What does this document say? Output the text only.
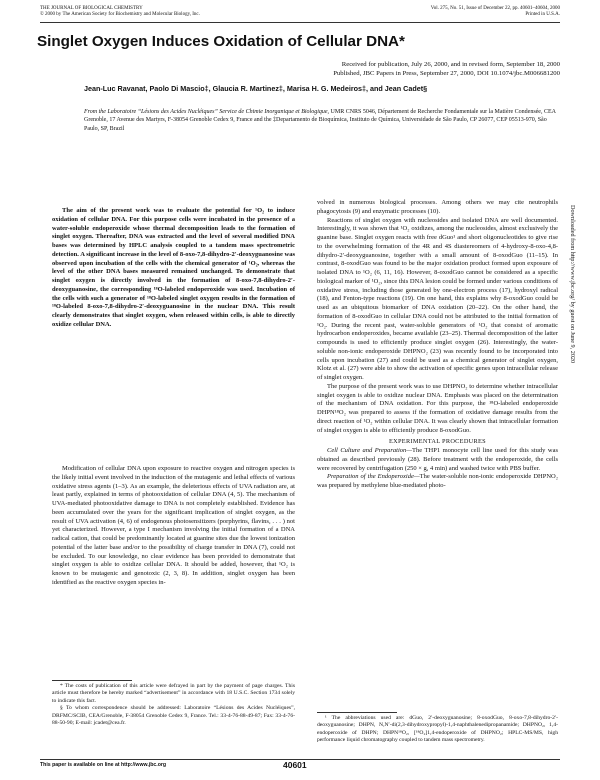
THE JOURNAL OF BIOLOGICAL CHEMISTRY
© 2000 by The American Society for Biochemistry and Molecular Biology, Inc.
Vol. 275, No. 51, Issue of December 22, pp. 40601–40604, 2000
Printed in U.S.A.
Singlet Oxygen Induces Oxidation of Cellular DNA*
Received for publication, July 26, 2000, and in revised form, September 18, 2000
Published, JBC Papers in Press, September 27, 2000, DOI 10.1074/jbc.M006681200
Jean-Luc Ravanat, Paolo Di Mascio‡, Glaucia R. Martinez‡, Marisa H. G. Medeiros‡, and Jean Cadet§
From the Laboratoire “Lésions des Acides Nucléiques” Service de Chimie Inorganique et Biologique, UMR CNRS 5046, Département de Recherche Fondamentale sur la Matière Condensée, CEA Grenoble, 17 Avenue des Martyrs, F-38054 Grenoble Cedex 9, France and the ‡Departamento de Bioquímica, Instituto de Química, Universidade de São Paulo, CP 26077, CEP 05513-970, São Paulo, SP, Brazil
The aim of the present work was to evaluate the potential for ¹O₂ to induce oxidation of cellular DNA. For this purpose cells were incubated in the presence of a water-soluble endoperoxide whose thermal decomposition leads to the formation of singlet oxygen. Thereafter, DNA was extracted and the level of several modified DNA bases was determined by HPLC analysis coupled to a tandem mass spectrometric detection. A significant increase in the level of 8-oxo-7,8-dihydro-2′-deoxyguanosine was observed upon incubation of the cells with the chemical generator of ¹O₂, whereas the level of the other DNA bases measured remained unchanged. To demonstrate that singlet oxygen is directly involved in the formation of 8-oxo-7,8-dihydro-2′-deoxyguanosine, the corresponding ¹⁸O-labeled endoperoxide was used. Incubation of the cells with such a generator of ¹⁸O-labeled singlet oxygen results in the formation of ¹⁸O-labeled 8-oxo-7,8-dihydro-2′-deoxyguanosine in the nuclear DNA. This result clearly demonstrates that singlet oxygen, when released within cells, is able to directly oxidize cellular DNA.

Modification of cellular DNA upon exposure to reactive oxygen and nitrogen species is the likely initial event involved in the induction of the mutagenic and lethal effects of various oxidative stress agents (1–3). As an example, the deleterious effects of UVA radiation are, at least partly, explained in terms of photooxidation of cellular DNA (4, 5). The mechanism of UVA-mediated photooxidative damage to DNA is not completely established. Evidence has been accumulated over the years for the significant implication of singlet oxygen, as the result of UVA activation (4, 6) of endogenous photosensitizers (porphyrins, flavins, . . . ) not yet characterized. However, a type I mechanism involving the initial formation of a DNA radical cation, that could be predominantly located at guanine sites due the lowest ionization potential of the latter base and/or to the possibility of charge transfer in DNA (7), could not be excluded. To our knowledge, no clear evidence has been provided to demonstrate that singlet oxygen is able to oxidize cellular DNA. It should be added, however, that ¹O₂ is known to be mutagenic and genotoxic (2, 3, 8). In addition, singlet oxygen has been identified as the reactive oxygen species in-

* The costs of publication of this article were defrayed in part by the payment of page charges. This article must therefore be hereby marked “advertisement” in accordance with 18 U.S.C. Section 1734 solely to indicate this fact.

§ To whom correspondence should be addressed: Laboratoire “Lésions des Acides Nucléiques”, DRFMC/SCIB, CEA/Grenoble, F-38054 Grenoble Cedex 9, France. Tel.: 33-4-76-88-49-87; Fax: 33-4-76-88-50-90; E-mail: jcadet@cea.fr.

volved in numerous biological processes. Among others we may cite neutrophils phagocytosis (9) and enzymatic processes (10).

Reactions of singlet oxygen with nucleosides and isolated DNA are well documented. Interestingly, it was shown that ¹O₂ oxidizes, among the nucleosides, almost exclusively the guanine base. Singlet oxygen reacts with free dGuo¹ and short oligonucleotides to give rise to the overwhelming formation of the 4R and 4S diastereomers of 4-hydroxy-8-oxo-4,8-dihydro-2′-deoxyguanosine, together with a small amount of 8-oxodGuo (11–15). In contrast, 8-oxodGuo was found to be the major oxidation product formed upon exposure of isolated DNA to ¹O₂ (6, 11, 16). However, 8-oxodGuo cannot be considered as a specific biological marker of ¹O₂, since this DNA lesion could be formed under various conditions of oxidative stress, including those generated by one-electron process (17), hydroxyl radical (18), and Fenton-type reactions (19). On one hand, this explains why 8-oxodGuo could be used as an ubiquitous biomarker of DNA oxidation (20–22). On the other hand, the formation of 8-oxodGuo in cellular DNA could not be attributed to the initial formation of ¹O₂. During the recent past, water-soluble generators of ¹O₂ that consist of aromatic hydrocarbon endoperoxides, became available (23–25). Thermal decomposition of the latter compounds is used to efficiently produce singlet oxygen (26). Interestingly, the water-soluble non-ionic endoperoxide DHPNO₂ (23) was recently found to be incorporated into cells upon incubation (27) and could be used as a chemical generator of singlet oxygen, Klotz et al. (27) were able to show the activation of specific genes upon intracellular release of singlet oxygen.

The purpose of the present work was to use DHPNO₂ to determine whether intracellular singlet oxygen is able to oxidize nuclear DNA. Emphasis was placed on the determination of the mechanism of DNA oxidation. For this purpose, the ¹⁸O-labeled endoperoxide DHPN¹⁸O₂ was prepared to assess if the formation of oxidative damage results from the direct reaction of ¹O₂ within cellular DNA. It was clearly shown that intracellular formation of singlet oxygen is able to efficiently produce 8-oxodGuo.

EXPERIMENTAL PROCEDURES

Cell Culture and Preparation—The THP1 monocyte cell line used for this study was obtained as described previously (28). Before treatment with the endoperoxide, the cells were recovered by centrifugation (250 × g, 4 min) and washed twice with PBS buffer.

Preparation of the Endoperoxide—The water-soluble non-ionic endoperoxide DHPNO₂ was prepared by methylene blue-mediated photo-

¹ The abbreviations used are: dGuo, 2′-deoxyguanosine; 8-oxodGuo, 8-oxo-7,8-dihydro-2′-deoxyguanosine; DHPN, N,N′-di(2,3-dihydroxypropyl)-1,4-naphthalenedipropanamide; DHPNO₂, 1,4-endoperoxide of DHPN; DHPN¹⁸O₂, [¹⁸O₂]1,4-endoperoxide of DHPNO₂; HPLC-MS/MS, high performance liquid chromatography coupled to tandem mass spectrometry.

This paper is available on line at http://www.jbc.org	40601
Downloaded from http://www.jbc.org/ by guest on June 9, 2020
